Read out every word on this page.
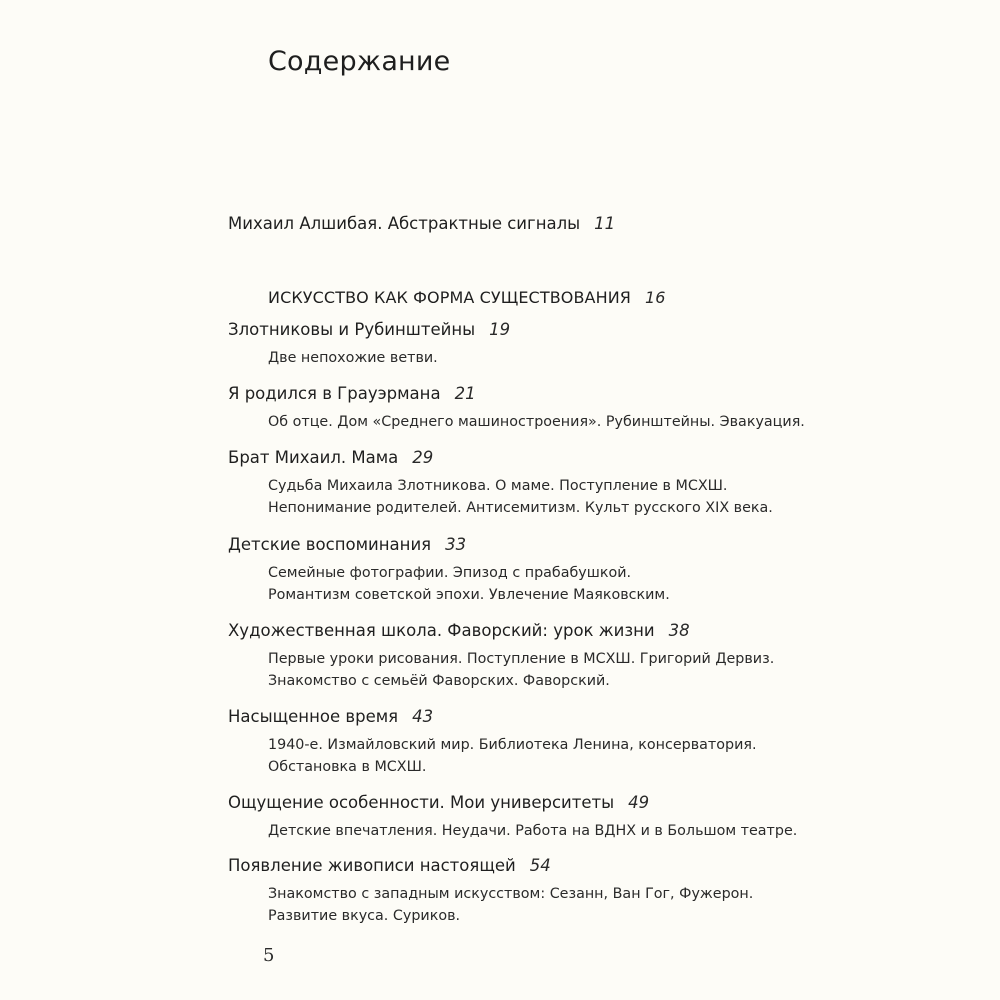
Содержание
Михаил Алшибая. Абстрактные сигналы 11
ИСКУССТВО КАК ФОРМА СУЩЕСТВОВАНИЯ 16
Злотниковы и Рубинштейны 19
Две непохожие ветви.
Я родился в Грауэрмана 21
Об отце. Дом «Среднего машиностроения». Рубинштейны. Эвакуация.
Брат Михаил. Мама 29
Судьба Михаила Злотникова. О маме. Поступление в МСХШ.
Непонимание родителей. Антисемитизм. Культ русского XIX века.
Детские воспоминания 33
Семейные фотографии. Эпизод с прабабушкой.
Романтизм советской эпохи. Увлечение Маяковским.
Художественная школа. Фаворский: урок жизни 38
Первые уроки рисования. Поступление в МСХШ. Григорий Дервиз.
Знакомство с семьёй Фаворских. Фаворский.
Насыщенное время 43
1940-е. Измайловский мир. Библиотека Ленина, консерватория.
Обстановка в МСХШ.
Ощущение особенности. Мои университеты 49
Детские впечатления. Неудачи. Работа на ВДНХ и в Большом театре.
Появление живописи настоящей 54
Знакомство с западным искусством: Сезанн, Ван Гог, Фужерон.
Развитие вкуса. Суриков.
5
